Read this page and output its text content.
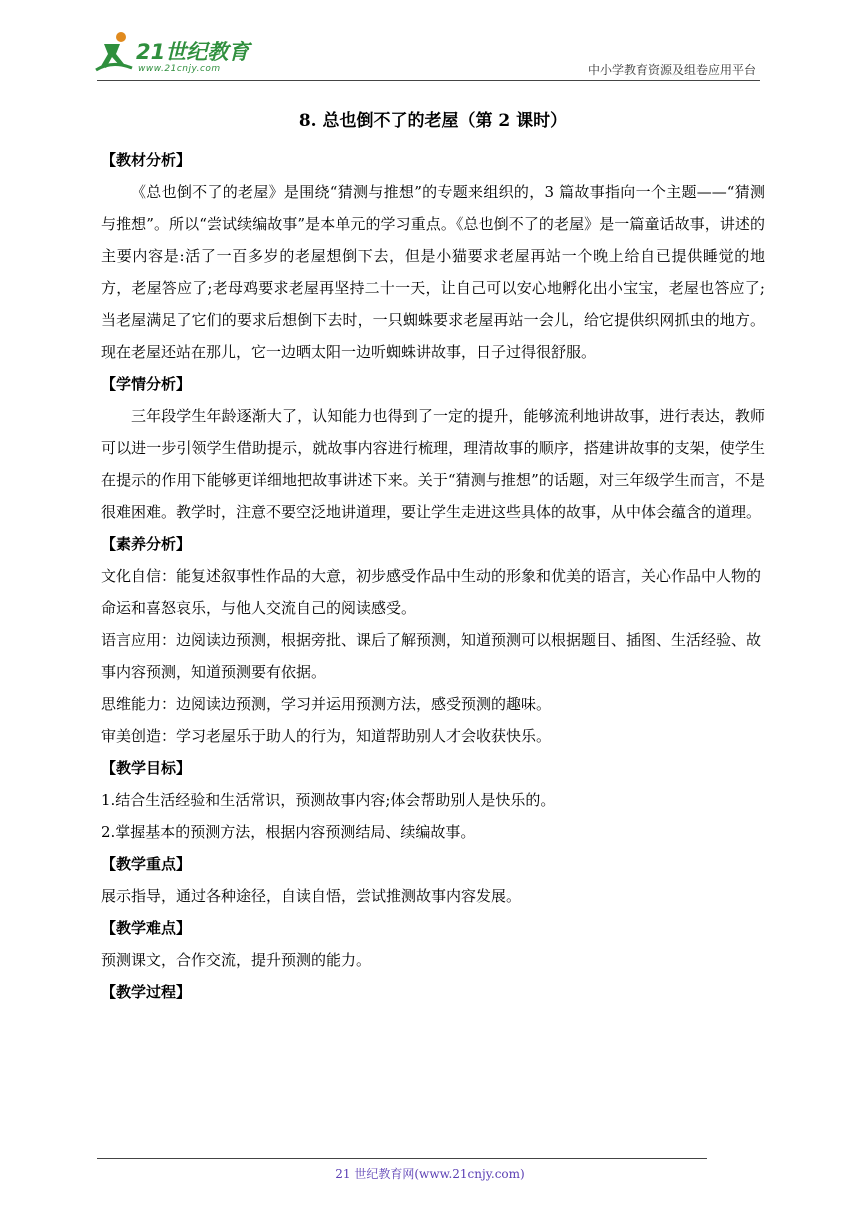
21世纪教育
www.21cnjy.com	中小学教育资源及组卷应用平台
8. 总也倒不了的老屋（第 2 课时）
【教材分析】

《总也倒不了的老屋》是围绕“猜测与推想”的专题来组织的，3 篇故事指向一个主题——“猜测与推想”。所以“尝试续编故事”是本单元的学习重点。《总也倒不了的老屋》是一篇童话故事，讲述的主要内容是:活了一百多岁的老屋想倒下去，但是小猫要求老屋再站一个晚上给自已提供睡觉的地方，老屋答应了;老母鸡要求老屋再坚持二十一天，让自己可以安心地孵化出小宝宝，老屋也答应了;当老屋满足了它们的要求后想倒下去时，一只蜘蛛要求老屋再站一会儿，给它提供织网抓虫的地方。现在老屋还站在那儿，它一边晒太阳一边听蜘蛛讲故事，日子过得很舒服。

【学情分析】

三年段学生年龄逐渐大了，认知能力也得到了一定的提升，能够流利地讲故事，进行表达，教师可以进一步引领学生借助提示，就故事内容进行梳理，理清故事的顺序，搭建讲故事的支架，使学生在提示的作用下能够更详细地把故事讲述下来。关于“猜测与推想”的话题，对三年级学生而言，不是很难困难。教学时，注意不要空泛地讲道理，要让学生走进这些具体的故事，从中体会蕴含的道理。

【素养分析】

文化自信：能复述叙事性作品的大意，初步感受作品中生动的形象和优美的语言，关心作品中人物的命运和喜怒哀乐，与他人交流自己的阅读感受。

语言应用：边阅读边预测，根据旁批、课后了解预测，知道预测可以根据题目、插图、生活经验、故事内容预测，知道预测要有依据。

思维能力：边阅读边预测，学习并运用预测方法，感受预测的趣味。

审美创造：学习老屋乐于助人的行为，知道帮助别人才会收获快乐。

【教学目标】

1.结合生活经验和生活常识，预测故事内容;体会帮助别人是快乐的。

2.掌握基本的预测方法，根据内容预测结局、续编故事。

【教学重点】

展示指导，通过各种途径，自读自悟，尝试推测故事内容发展。

【教学难点】

预测课文，合作交流，提升预测的能力。

【教学过程】
21 世纪教育网(www.21cnjy.com)
